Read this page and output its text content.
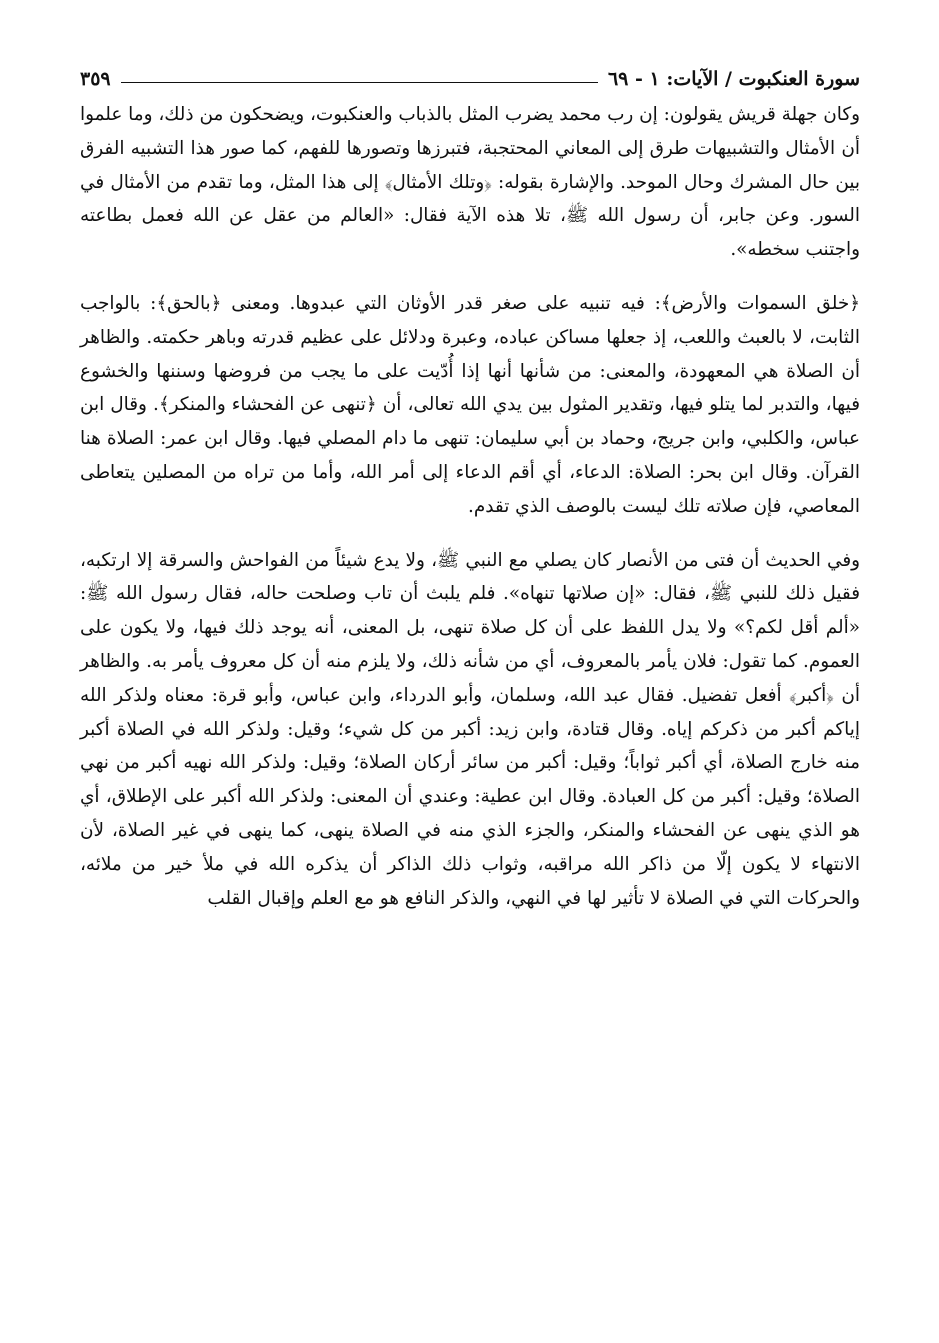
سورة العنكبوت / الآيات: ١ - ٦٩
٣٥٩

وكان جهلة قريش يقولون: إن رب محمد يضرب المثل بالذباب والعنكبوت، ويضحكون من ذلك، وما علموا أن الأمثال والتشبيهات طرق إلى المعاني المحتجبة، فتبرزها وتصورها للفهم، كما صور هذا التشبيه الفرق بين حال المشرك وحال الموحد. والإشارة بقوله: ﴿وتلك الأمثال﴾ إلى هذا المثل، وما تقدم من الأمثال في السور. وعن جابر، أن رسول الله ﷺ، تلا هذه الآية فقال: «العالم من عقل عن الله فعمل بطاعته واجتنب سخطه».

﴿خلق السموات والأرض﴾: فيه تنبيه على صغر قدر الأوثان التي عبدوها. ومعنى ﴿بالحق﴾: بالواجب الثابت، لا بالعبث واللعب، إذ جعلها مساكن عباده، وعبرة ودلائل على عظيم قدرته وباهر حكمته. والظاهر أن الصلاة هي المعهودة، والمعنى: من شأنها أنها إذا أُدّيت على ما يجب من فروضها وسننها والخشوع فيها، والتدبر لما يتلو فيها، وتقدير المثول بين يدي الله تعالى، أن ﴿تنهى عن الفحشاء والمنكر﴾. وقال ابن عباس، والكلبي، وابن جريج، وحماد بن أبي سليمان: تنهى ما دام المصلي فيها. وقال ابن عمر: الصلاة هنا القرآن. وقال ابن بحر: الصلاة: الدعاء، أي أقم الدعاء إلى أمر الله، وأما من تراه من المصلين يتعاطى المعاصي، فإن صلاته تلك ليست بالوصف الذي تقدم.

وفي الحديث أن فتى من الأنصار كان يصلي مع النبي ﷺ، ولا يدع شيئاً من الفواحش والسرقة إلا ارتكبه، فقيل ذلك للنبي ﷺ، فقال: «إن صلاتها تنهاه». فلم يلبث أن تاب وصلحت حاله، فقال رسول الله ﷺ: «ألم أقل لكم؟» ولا يدل اللفظ على أن كل صلاة تنهى، بل المعنى، أنه يوجد ذلك فيها، ولا يكون على العموم. كما تقول: فلان يأمر بالمعروف، أي من شأنه ذلك، ولا يلزم منه أن كل معروف يأمر به. والظاهر أن ﴿أكبر﴾ أفعل تفضيل. فقال عبد الله، وسلمان، وأبو الدرداء، وابن عباس، وأبو قرة: معناه ولذكر الله إياكم أكبر من ذكركم إياه. وقال قتادة، وابن زيد: أكبر من كل شيء؛ وقيل: ولذكر الله في الصلاة أكبر منه خارج الصلاة، أي أكبر ثواباً؛ وقيل: أكبر من سائر أركان الصلاة؛ وقيل: ولذكر الله نهيه أكبر من نهي الصلاة؛ وقيل: أكبر من كل العبادة. وقال ابن عطية: وعندي أن المعنى: ولذكر الله أكبر على الإطلاق، أي هو الذي ينهى عن الفحشاء والمنكر، والجزء الذي منه في الصلاة ينهى، كما ينهى في غير الصلاة، لأن الانتهاء لا يكون إلّا من ذاكر الله مراقبه، وثواب ذلك الذاكر أن يذكره الله في ملأ خير من ملائه، والحركات التي في الصلاة لا تأثير لها في النهي، والذكر النافع هو مع العلم وإقبال القلب
